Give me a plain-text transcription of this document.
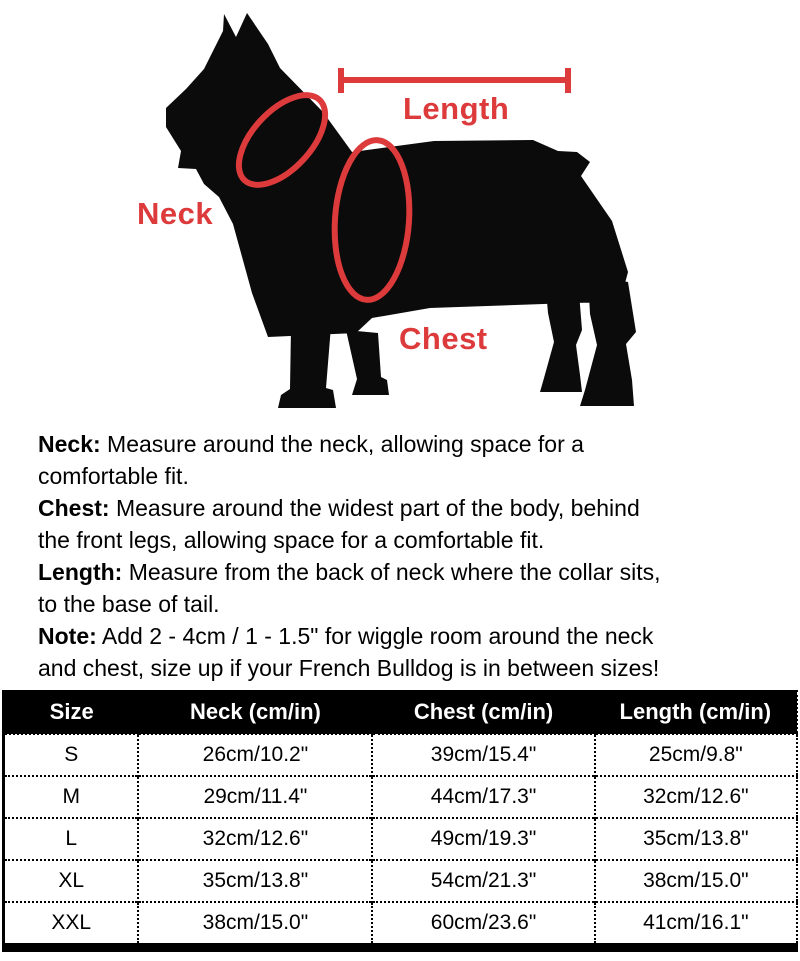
Neck
Length
Chest

Neck: Measure around the neck, allowing space for a
comfortable fit.

Chest: Measure around the widest part of the body, behind
the front legs, allowing space for a comfortable fit.

Length: Measure from the back of neck where the collar sits,
to the base of tail.

Note: Add 2 - 4cm / 1 - 1.5" for wiggle room around the neck
and chest, size up if your French Bulldog is in between sizes!

Size	Neck (cm/in)	Chest (cm/in)	Length (cm/in)
S	26cm/10.2"	39cm/15.4"	25cm/9.8"
M	29cm/11.4"	44cm/17.3"	32cm/12.6"
L	32cm/12.6"	49cm/19.3"	35cm/13.8"
XL	35cm/13.8"	54cm/21.3"	38cm/15.0"
XXL	38cm/15.0"	60cm/23.6"	41cm/16.1"
